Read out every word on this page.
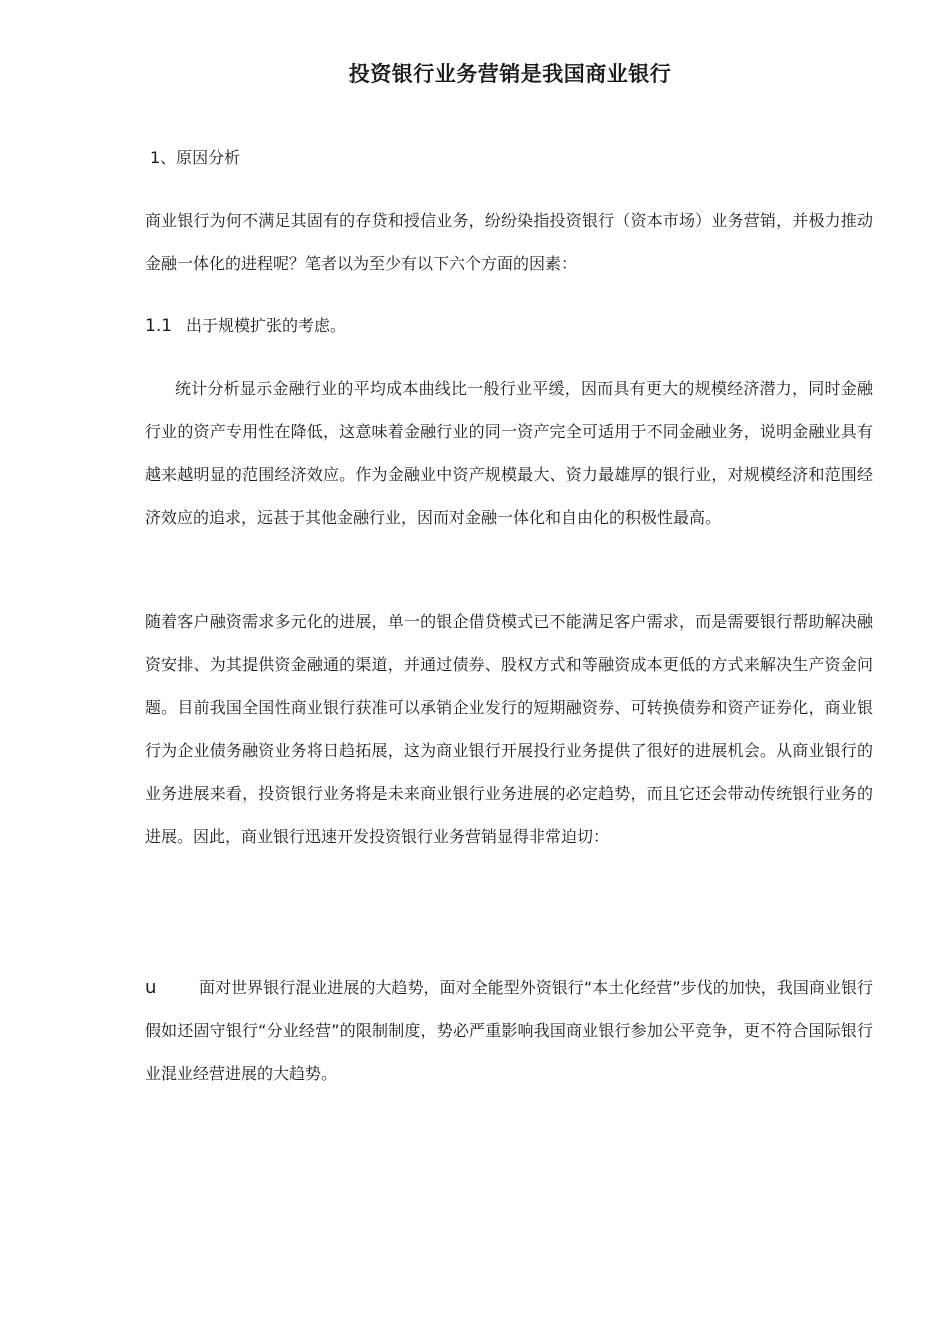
投资银行业务营销是我国商业银行

1、原因分析

商业银行为何不满足其固有的存贷和授信业务，纷纷染指投资银行（资本市场）业务营销，并极力推动金融一体化的进程呢？笔者以为至少有以下六个方面的因素：

1.1 出于规模扩张的考虑。

统计分析显示金融行业的平均成本曲线比一般行业平缓，因而具有更大的规模经济潜力，同时金融行业的资产专用性在降低，这意味着金融行业的同一资产完全可适用于不同金融业务，说明金融业具有越来越明显的范围经济效应。作为金融业中资产规模最大、资力最雄厚的银行业，对规模经济和范围经济效应的追求，远甚于其他金融行业，因而对金融一体化和自由化的积极性最高。

随着客户融资需求多元化的进展，单一的银企借贷模式已不能满足客户需求，而是需要银行帮助解决融资安排、为其提供资金融通的渠道，并通过债券、股权方式和等融资成本更低的方式来解决生产资金问题。目前我国全国性商业银行获准可以承销企业发行的短期融资券、可转换债券和资产证券化，商业银行为企业债务融资业务将日趋拓展，这为商业银行开展投行业务提供了很好的进展机会。从商业银行的业务进展来看，投资银行业务将是未来商业银行业务进展的必定趋势，而且它还会带动传统银行业务的进展。因此，商业银行迅速开发投资银行业务营销显得非常迫切：

u	面对世界银行混业进展的大趋势，面对全能型外资银行“本土化经营”步伐的加快，我国商业银行假如还固守银行“分业经营”的限制制度，势必严重影响我国商业银行参加公平竞争，更不符合国际银行业混业经营进展的大趋势。
